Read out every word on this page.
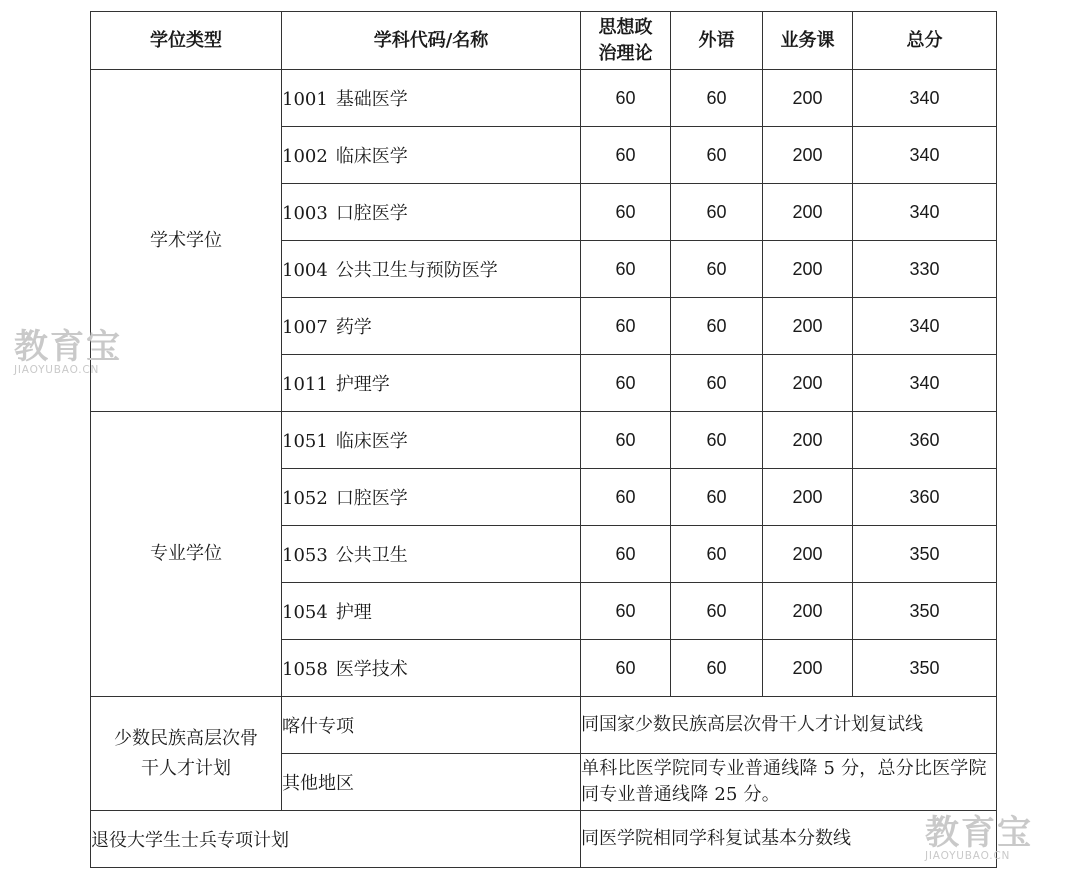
学位类型	学科代码/名称	思想政
治理论	外语	业务课	总分
学术学位	1001 基础医学	60	60	200	340
	1002 临床医学	60	60	200	340
	1003 口腔医学	60	60	200	340
	1004 公共卫生与预防医学	60	60	200	330
	1007 药学	60	60	200	340
	1011 护理学	60	60	200	340
专业学位	1051 临床医学	60	60	200	360
	1052 口腔医学	60	60	200	360
	1053 公共卫生	60	60	200	350
	1054 护理	60	60	200	350
	1058 医学技术	60	60	200	350
少数民族高层次骨
干人才计划	喀什专项	同国家少数民族高层次骨干人才计划复试线			
	其他地区	单科比医学院同专业普通线降 5 分，总分比医学院同专业普通线降 25 分。			
退役大学生士兵专项计划		同医学院相同学科复试基本分数线			
教育宝
JIAOYUBAO.CN
教育宝
JIAOYUBAO.CN
